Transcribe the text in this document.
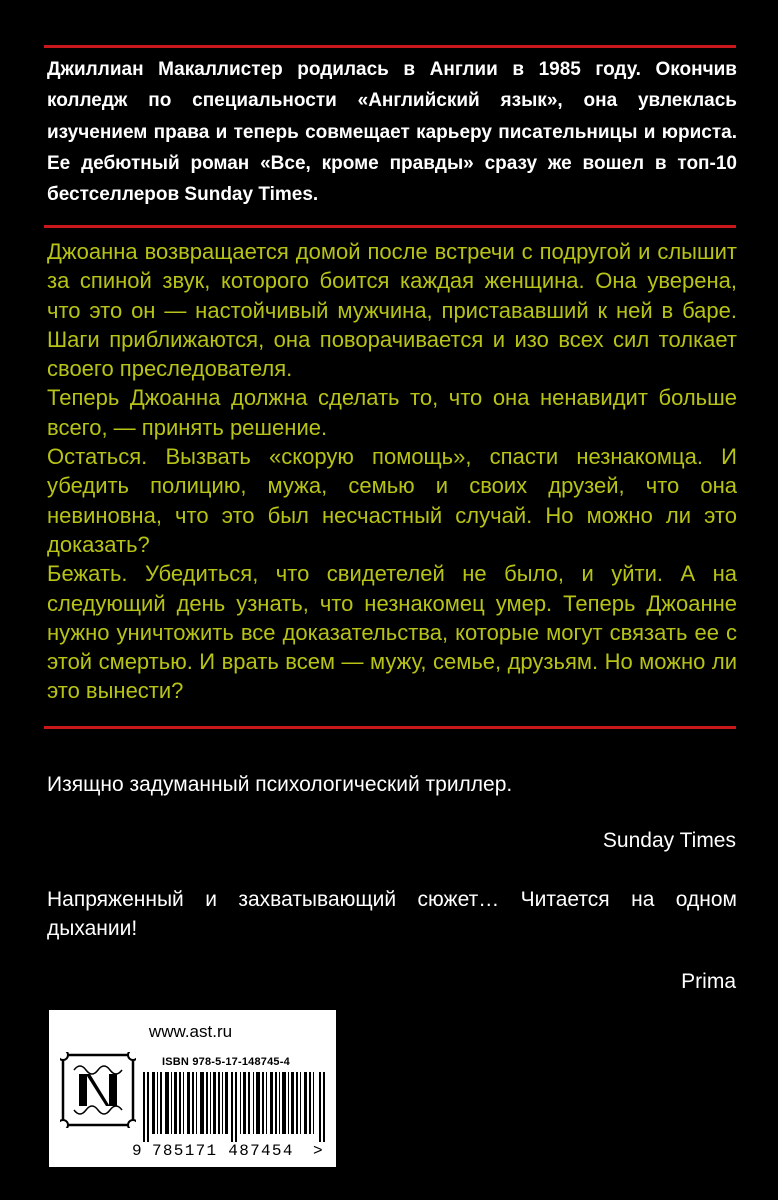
Джиллиан Макаллистер родилась в Англии в 1985 году. Окончив колледж по специальности «Английский язык», она увлеклась изучением права и теперь совмещает карьеру писательницы и юриста. Ее дебютный роман «Все, кроме правды» сразу же вошел в топ-10 бестселлеров Sunday Times.

Джоанна возвращается домой после встречи с подругой и слышит за спиной звук, которого боится каждая женщина. Она уверена, что это он — настойчивый мужчина, пристававший к ней в баре. Шаги приближаются, она поворачивается и изо всех сил толкает своего преследователя.

Теперь Джоанна должна сделать то, что она ненавидит больше всего, — принять решение.

Остаться. Вызвать «скорую помощь», спасти незнакомца. И убедить полицию, мужа, семью и своих друзей, что она невиновна, что это был несчастный случай. Но можно ли это доказать?

Бежать. Убедиться, что свидетелей не было, и уйти. А на следующий день узнать, что незнакомец умер. Теперь Джоанне нужно уничтожить все доказательства, которые могут связать ее с этой смертью. И врать всем — мужу, семье, друзьям. Но можно ли это вынести?

Изящно задуманный психологический триллер.

Sunday Times

Напряженный и захватывающий сюжет… Читается на одном дыхании!

Prima

www.ast.ru
ISBN 978-5-17-148745-4
9 785171 487454 >
